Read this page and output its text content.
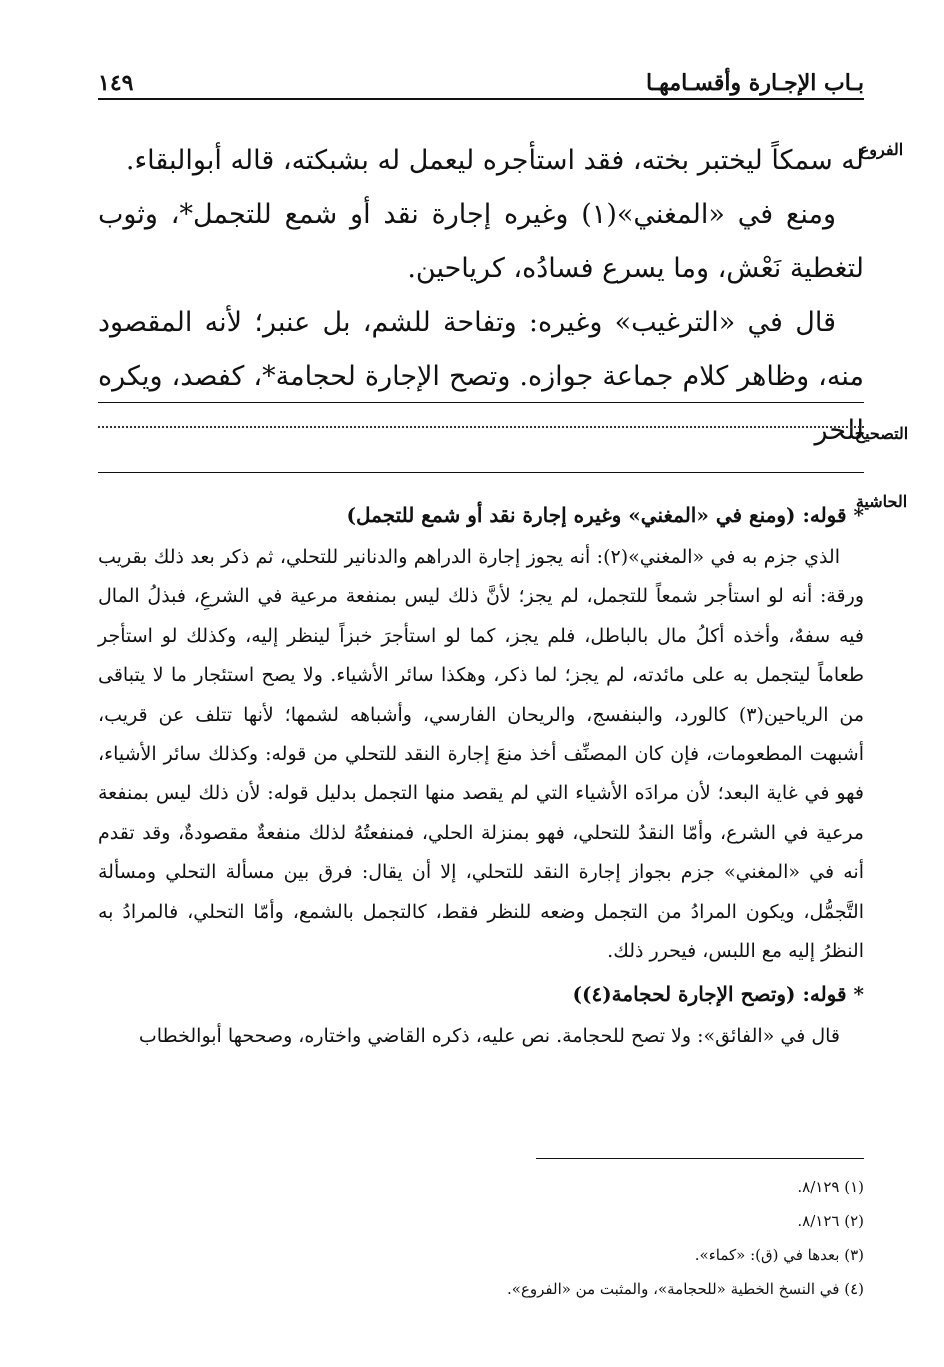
بـاب الإجـارة وأقسـامهـا
١٤٩
الفروع
التصحيح
الحاشية

له سمكاً ليختبر بخته، فقد استأجره ليعمل له بشبكته، قاله أبوالبقاء.

ومنع في «المغني»(١) وغيره إجارة نقد أو شمع للتجمل*، وثوب لتغطية نَعْش، وما يسرع فسادُه، كرياحين.

قال في «الترغيب» وغيره: وتفاحة للشم، بل عنبر؛ لأنه المقصود منه، وظاهر كلام جماعة جوازه. وتصح الإجارة لحجامة*، كفصد، ويكره للحر

* قوله: (ومنع في «المغني» وغيره إجارة نقد أو شمع للتجمل)

الذي جزم به في «المغني»(٢): أنه يجوز إجارة الدراهم والدنانير للتحلي، ثم ذكر بعد ذلك بقريب ورقة: أنه لو استأجر شمعاً للتجمل، لم يجز؛ لأنَّ ذلك ليس بمنفعة مرعية في الشرعِ، فبذلُ المال فيه سفهٌ، وأخذه أكلُ مال بالباطل، فلم يجز، كما لو استأجرَ خبزاً لينظر إليه، وكذلك لو استأجر طعاماً ليتجمل به على مائدته، لم يجز؛ لما ذكر، وهكذا سائر الأشياء. ولا يصح استئجار ما لا يتباقى من الرياحين(٣) كالورد، والبنفسج، والريحان الفارسي، وأشباهه لشمها؛ لأنها تتلف عن قريب، أشبهت المطعومات، فإن كان المصنِّف أخذ منعَ إجارة النقد للتحلي من قوله: وكذلك سائر الأشياء، فهو في غاية البعد؛ لأن مرادَه الأشياء التي لم يقصد منها التجمل بدليل قوله: لأن ذلك ليس بمنفعة مرعية في الشرع، وأمّا النقدُ للتحلي، فهو بمنزلة الحلي، فمنفعتُهُ لذلك منفعةٌ مقصودةٌ، وقد تقدم أنه في «المغني» جزم بجواز إجارة النقد للتحلي، إلا أن يقال: فرق بين مسألة التحلي ومسألة التَّجمُّل، ويكون المرادُ من التجمل وضعه للنظر فقط، كالتجمل بالشمع، وأمّا التحلي، فالمرادُ به النظرُ إليه مع اللبس، فيحرر ذلك.

* قوله: (وتصح الإجارة لحجامة(٤))

قال في «الفائق»: ولا تصح للحجامة. نص عليه، ذكره القاضي واختاره، وصححها أبوالخطاب

(١) ٨/١٢٩.

(٢) ٨/١٢٦.

(٣) بعدها في (ق): «كماء».

(٤) في النسخ الخطية «للحجامة»، والمثبت من «الفروع».
